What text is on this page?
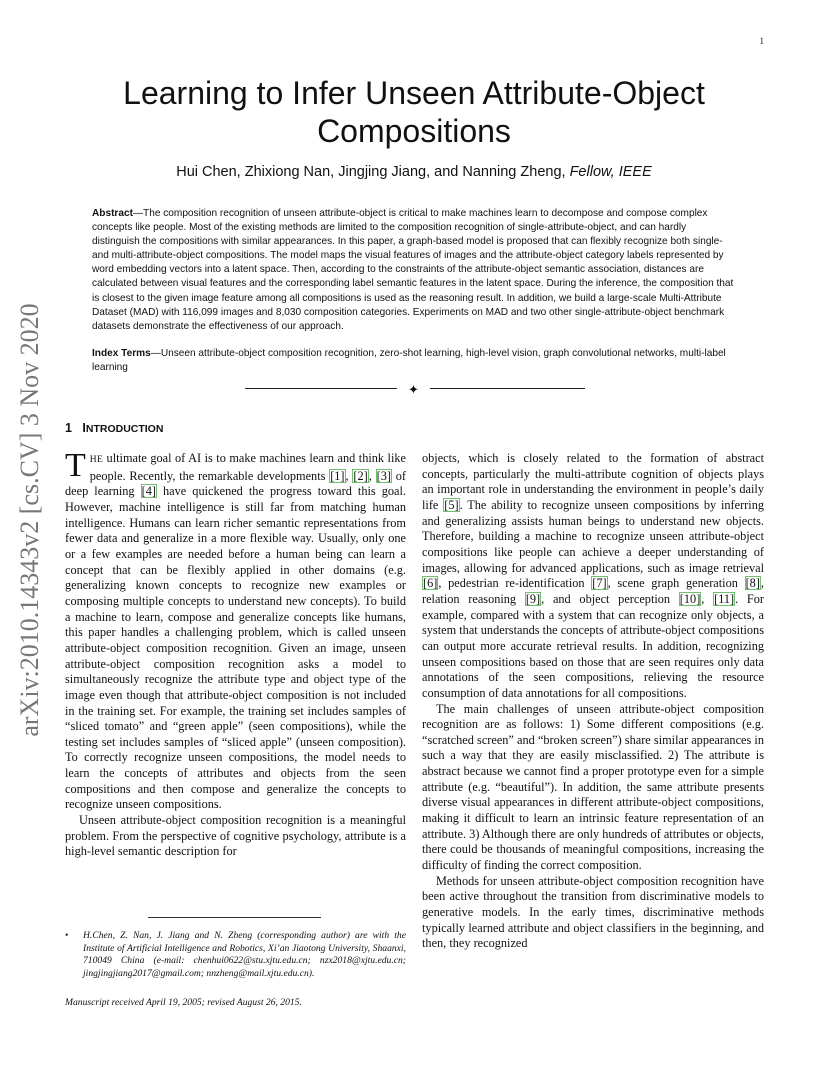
1
arXiv:2010.14343v2 [cs.CV] 3 Nov 2020
Learning to Infer Unseen Attribute-Object Compositions
Hui Chen, Zhixiong Nan, Jingjing Jiang, and Nanning Zheng, Fellow, IEEE
Abstract—The composition recognition of unseen attribute-object is critical to make machines learn to decompose and compose complex concepts like people. Most of the existing methods are limited to the composition recognition of single-attribute-object, and can hardly distinguish the compositions with similar appearances. In this paper, a graph-based model is proposed that can flexibly recognize both single- and multi-attribute-object compositions. The model maps the visual features of images and the attribute-object category labels represented by word embedding vectors into a latent space. Then, according to the constraints of the attribute-object semantic association, distances are calculated between visual features and the corresponding label semantic features in the latent space. During the inference, the composition that is closest to the given image feature among all compositions is used as the reasoning result. In addition, we build a large-scale Multi-Attribute Dataset (MAD) with 116,099 images and 8,030 composition categories. Experiments on MAD and two other single-attribute-object benchmark datasets demonstrate the effectiveness of our approach.
Index Terms—Unseen attribute-object composition recognition, zero-shot learning, high-level vision, graph convolutional networks, multi-label learning
✦
1 INTRODUCTION

THE ultimate goal of AI is to make machines learn and think like people. Recently, the remarkable developments [1], [2], [3] of deep learning [4] have quickened the progress toward this goal. However, machine intelligence is still far from matching human intelligence. Humans can learn richer semantic representations from fewer data and generalize in a more flexible way. Usually, only one or a few examples are needed before a human being can learn a concept that can be flexibly applied in other domains (e.g. generalizing known concepts to recognize new examples or composing multiple concepts to understand new concepts). To build a machine to learn, compose and generalize concepts like humans, this paper handles a challenging problem, which is called unseen attribute-object composition recognition. Given an image, unseen attribute-object composition recognition asks a model to simultaneously recognize the attribute type and object type of the image even though that attribute-object composition is not included in the training set. For example, the training set includes samples of “sliced tomato” and “green apple” (seen compositions), while the testing set includes samples of “sliced apple” (unseen composition). To correctly recognize unseen compositions, the model needs to learn the concepts of attributes and objects from the seen compositions and then compose and generalize the concepts to recognize unseen compositions.

Unseen attribute-object composition recognition is a meaningful problem. From the perspective of cognitive psychology, attribute is a high-level semantic description for

objects, which is closely related to the formation of abstract concepts, particularly the multi-attribute cognition of objects plays an important role in understanding the environment in people’s daily life [5]. The ability to recognize unseen compositions by inferring and generalizing assists human beings to understand new objects. Therefore, building a machine to recognize unseen attribute-object compositions like people can achieve a deeper understanding of images, allowing for advanced applications, such as image retrieval [6], pedestrian re-identification [7], scene graph generation [8], relation reasoning [9], and object perception [10], [11]. For example, compared with a system that can recognize only objects, a system that understands the concepts of attribute-object compositions can output more accurate retrieval results. In addition, recognizing unseen compositions based on those that are seen requires only data annotations of the seen compositions, relieving the resource consumption of data annotations for all compositions.

The main challenges of unseen attribute-object composition recognition are as follows: 1) Some different compositions (e.g. “scratched screen” and “broken screen”) share similar appearances in such a way that they are easily misclassified. 2) The attribute is abstract because we cannot find a proper prototype even for a simple attribute (e.g. “beautiful”). In addition, the same attribute presents diverse visual appearances in different attribute-object compositions, making it difficult to learn an intrinsic feature representation of an attribute. 3) Although there are only hundreds of attributes or objects, there could be thousands of meaningful compositions, increasing the difficulty of finding the correct composition.

Methods for unseen attribute-object composition recognition have been active throughout the transition from discriminative models to generative models. In the early times, discriminative methods typically learned attribute and object classifiers in the beginning, and then, they recognized

• H.Chen, Z. Nan, J. Jiang and N. Zheng (corresponding author) are with the Institute of Artificial Intelligence and Robotics, Xi’an Jiaotong University, Shaanxi, 710049 China (e-mail: chenhui0622@stu.xjtu.edu.cn; nzx2018@xjtu.edu.cn; jingjingjiang2017@gmail.com; nnzheng@mail.xjtu.edu.cn).
Manuscript received April 19, 2005; revised August 26, 2015.
